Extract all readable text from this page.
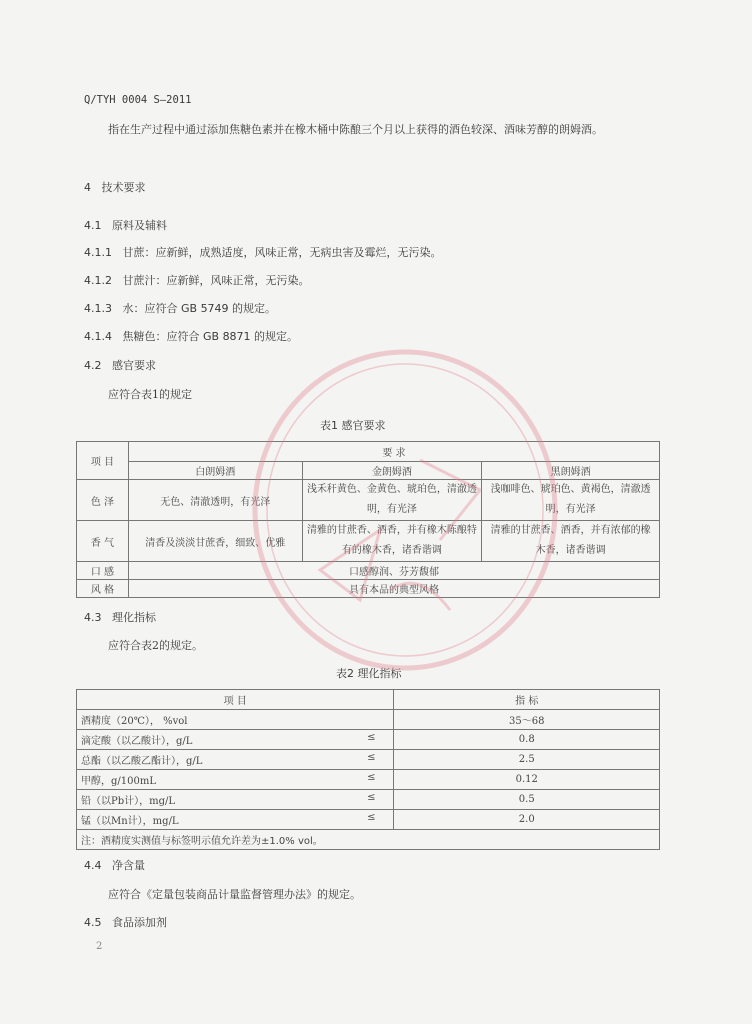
Q/TYH 0004 S—2011
指在生产过程中通过添加焦糖色素并在橡木桶中陈酿三个月以上获得的酒色较深、酒味芳醇的朗姆酒。
4 技术要求
4.1 原料及辅料
4.1.1 甘蔗：应新鲜，成熟适度，风味正常，无病虫害及霉烂，无污染。
4.1.2 甘蔗汁：应新鲜，风味正常，无污染。
4.1.3 水：应符合 GB 5749 的规定。
4.1.4 焦糖色：应符合 GB 8871 的规定。
4.2 感官要求
应符合表1的规定
表1 感官要求
项 目	要 求		
	白朗姆酒	金朗姆酒	黑朗姆酒
色 泽	无色、清澈透明，有光泽	浅禾秆黄色、金黄色、琥珀色，清澈透明，有光泽	浅咖啡色、琥珀色、黄褐色，清澈透明，有光泽
香 气	清香及淡淡甘蔗香，细致、优雅	清雅的甘蔗香、酒香，并有橡木陈酿特有的橡木香，诸香谐调	清雅的甘蔗香、酒香，并有浓郁的橡木香，诸香谐调
口 感	口感醇润、芬芳馥郁		
风 格	具有本品的典型风格		
4.3 理化指标
应符合表2的规定。
表2 理化指标
项 目	指 标
酒精度（20℃）， %vol	35～68
滴定酸（以乙酸计），g/L ≤	0.8
总酯（以乙酸乙酯计），g/L ≤	2.5
甲醇，g/100mL ≤	0.12
铅（以Pb计），mg/L ≤	0.5
锰（以Mn计），mg/L ≤	2.0
注：酒精度实测值与标签明示值允许差为±1.0% vol。	
4.4 净含量
应符合《定量包装商品计量监督管理办法》的规定。
4.5 食品添加剂
2
